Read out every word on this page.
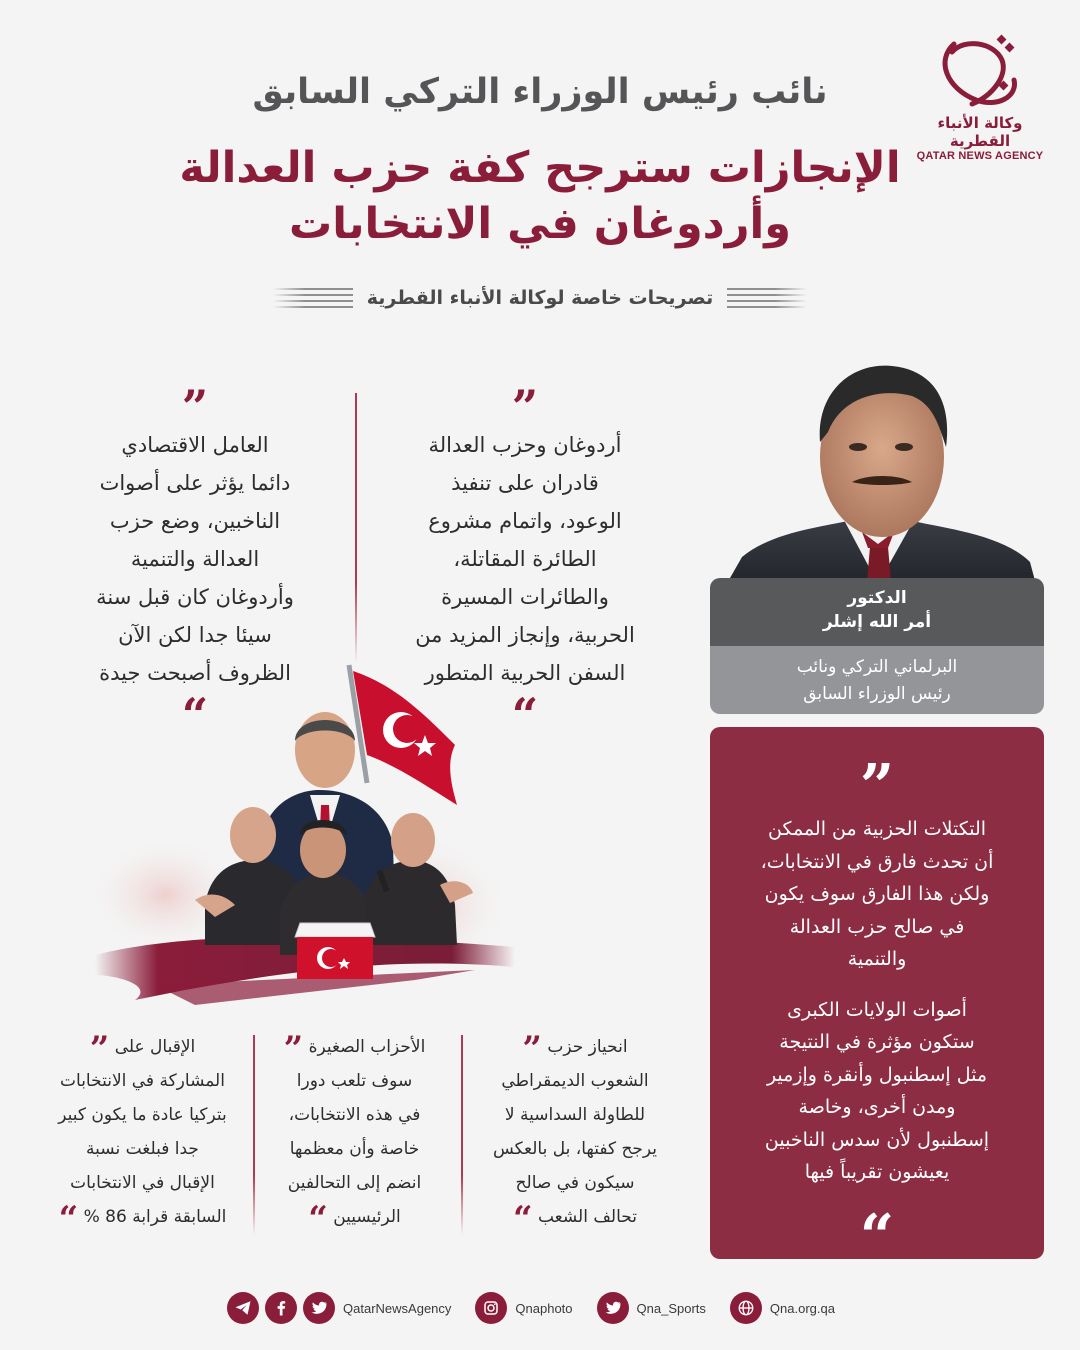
وكالة الأنباء القطرية
QATAR NEWS AGENCY
نائب رئيس الوزراء التركي السابق
الإنجازات سترجح كفة حزب العدالة
وأردوغان في الانتخابات
تصريحات خاصة لوكالة الأنباء القطرية
الدكتور
أمر الله إشلر
البرلماني التركي ونائب
رئيس الوزراء السابق
”

التكتلات الحزبية من الممكن
أن تحدث فارق في الانتخابات،
ولكن هذا الفارق سوف يكون
في صالح حزب العدالة
والتنمية

أصوات الولايات الكبرى
ستكون مؤثرة في النتيجة
مثل إسطنبول وأنقرة وإزمير
ومدن أخرى، وخاصة
إسطنبول لأن سدس الناخبين
يعيشون تقريباً فيها

“
”

أردوغان وحزب العدالة
قادران على تنفيذ
الوعود، واتمام مشروع
الطائرة المقاتلة،
والطائرات المسيرة
الحربية، وإنجاز المزيد من
السفن الحربية المتطور

“
”

العامل الاقتصادي
دائما يؤثر على أصوات
الناخبين، وضع حزب
العدالة والتنمية
وأردوغان كان قبل سنة
سيئا جدا لكن الآن
الظروف أصبحت جيدة

“
انحياز حزب ”
الشعوب الديمقراطي
للطاولة السداسية لا
يرجح كفتها، بل بالعكس
سيكون في صالح
تحالف الشعب “
الأحزاب الصغيرة ”
سوف تلعب دورا
في هذه الانتخابات،
خاصة وأن معظمها
انضم إلى التحالفين
الرئيسيين “
الإقبال على ”
المشاركة في الانتخابات
بتركيا عادة ما يكون كبير
جدا فبلغت نسبة
الإقبال في الانتخابات
السابقة قرابة 86 % “
QatarNewsAgency	Qnaphoto	Qna_Sports	Qna.org.qa
